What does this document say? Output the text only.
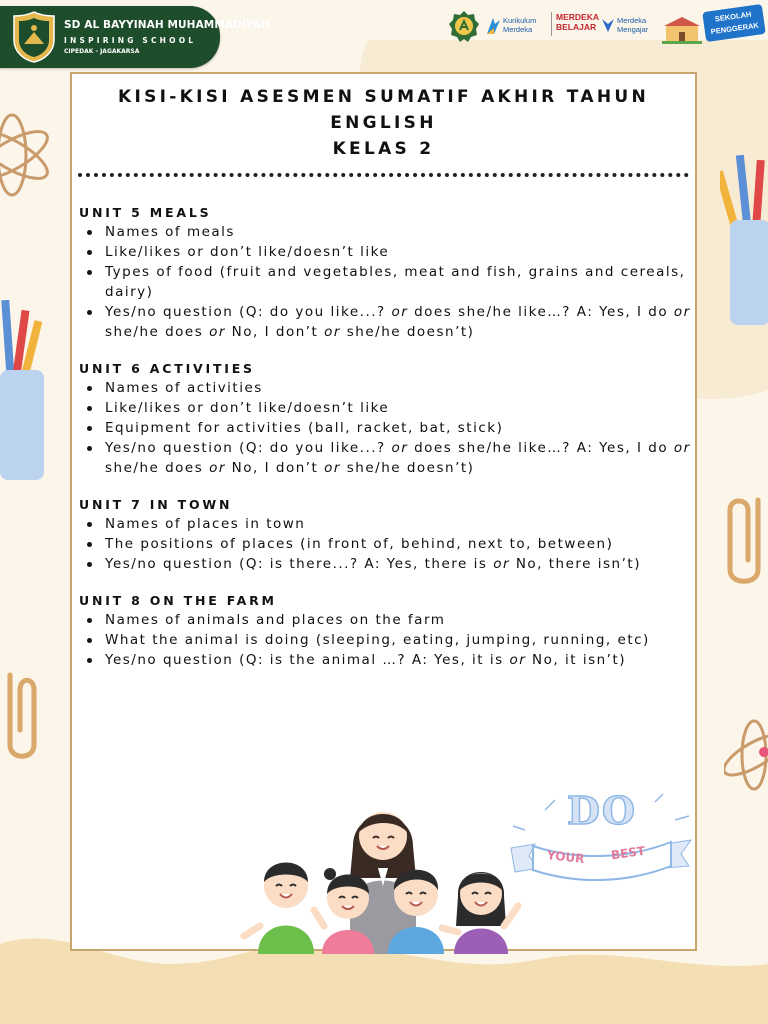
SD AL BAYYINAH MUHAMMADIYAH
INSPIRING SCHOOL
CIPEDAK - JAGAKARSA
Kurikulum Merdeka
MERDEKA BELAJAR
Merdeka Mengajar
SEKOLAH PENGGERAK
KISI-KISI ASESMEN SUMATIF AKHIR TAHUN
ENGLISH
KELAS 2
UNIT 5 MEALS
Names of meals
Like/likes or don’t like/doesn’t like
Types of food (fruit and vegetables, meat and fish, grains and cereals, dairy)
Yes/no question (Q: do you like...? or does she/he like…? A: Yes, I do or she/he does or No, I don’t or she/he doesn’t)
UNIT 6 ACTIVITIES
Names of activities
Like/likes or don’t like/doesn’t like
Equipment for activities (ball, racket, bat, stick)
Yes/no question (Q: do you like...? or does she/he like…? A: Yes, I do or she/he does or No, I don’t or she/he doesn’t)
UNIT 7 IN TOWN
Names of places in town
The positions of places (in front of, behind, next to, between)
Yes/no question (Q: is there...? A: Yes, there is or No, there isn’t)
UNIT 8 ON THE FARM
Names of animals and places on the farm
What the animal is doing (sleeping, eating, jumping, running, etc)
Yes/no question (Q: is the animal …? A: Yes, it is or No, it isn’t)
DO
YOUR BEST
